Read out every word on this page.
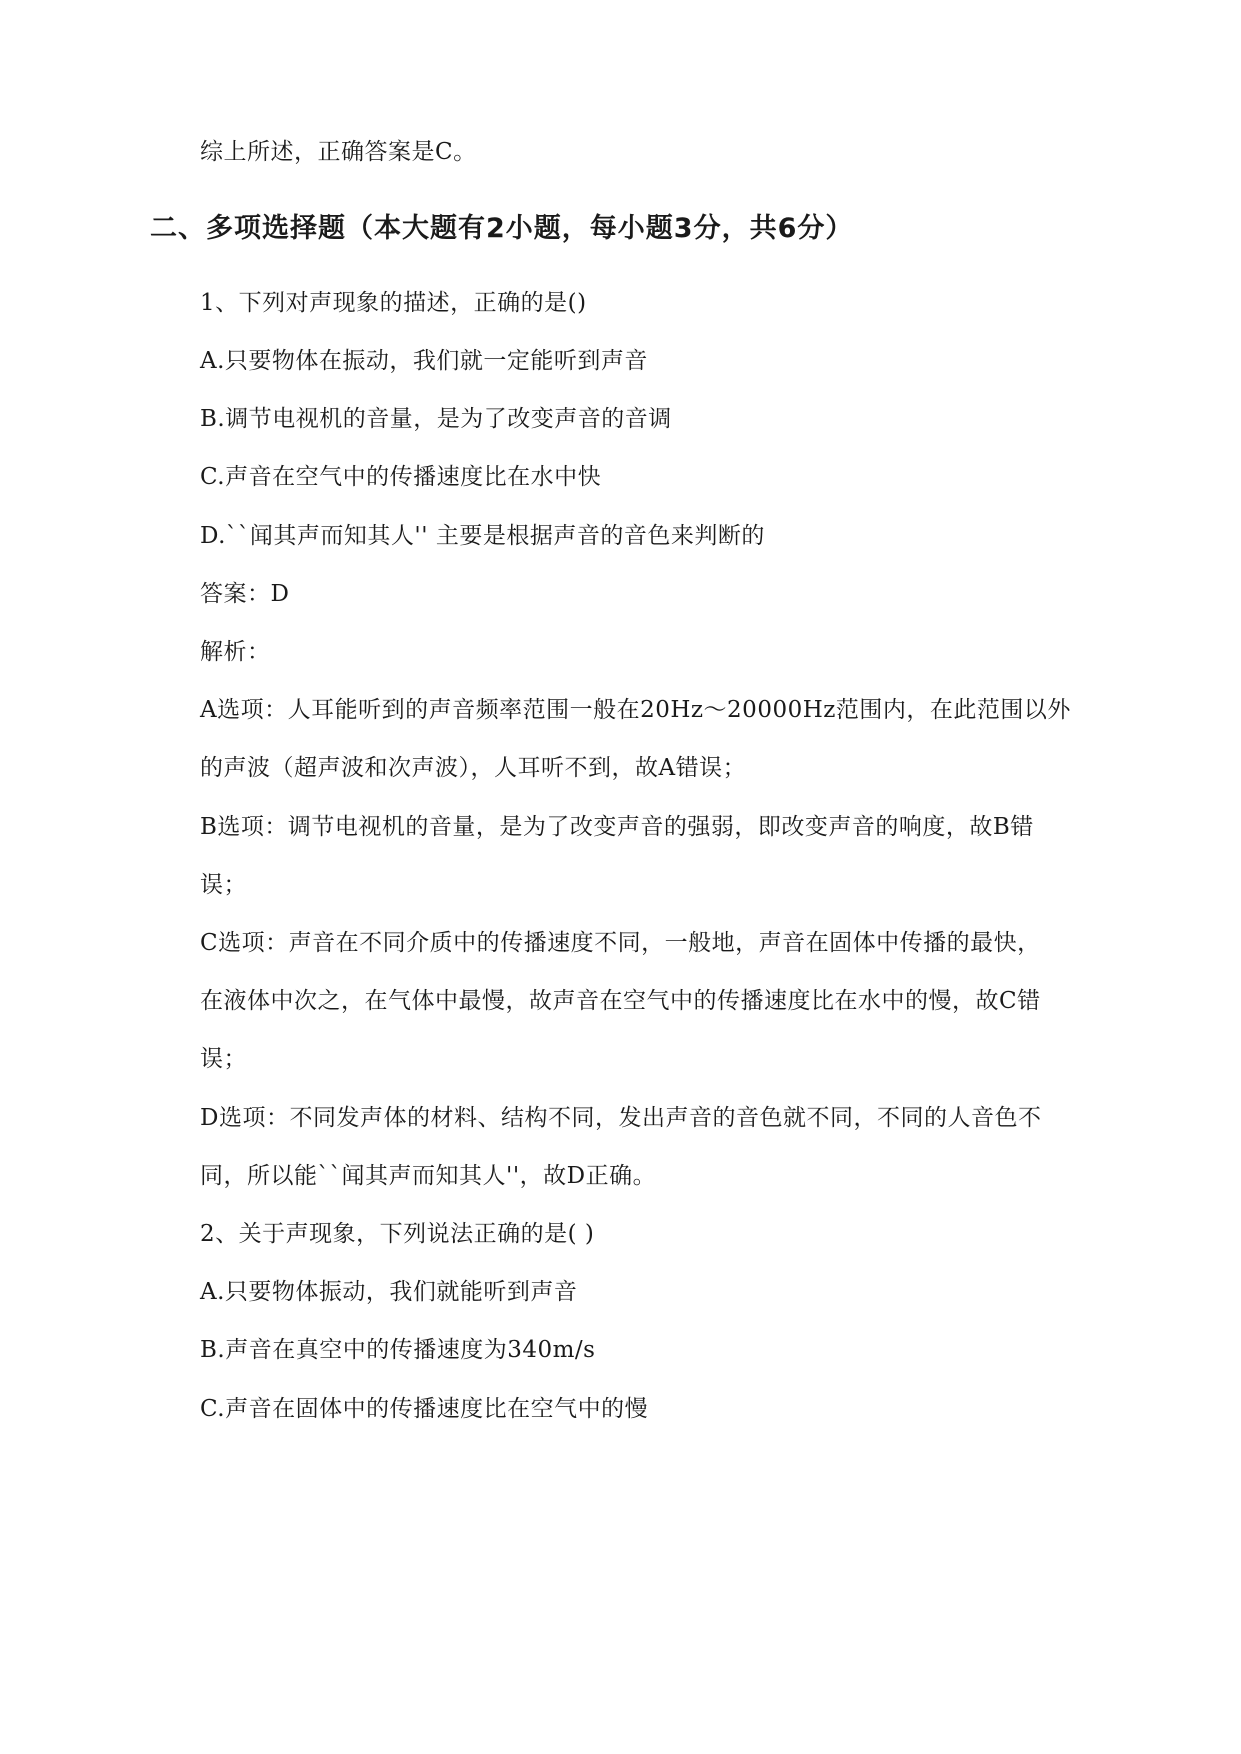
综上所述，正确答案是C。
二、多项选择题（本大题有2小题，每小题3分，共6分）
1、下列对声现象的描述，正确的是()
A.只要物体在振动，我们就一定能听到声音
B.调节电视机的音量，是为了改变声音的音调
C.声音在空气中的传播速度比在水中快
D.``闻其声而知其人'' 主要是根据声音的音色来判断的
答案：D
解析：
A选项：人耳能听到的声音频率范围一般在20Hz～20000Hz范围内，在此范围以外
的声波（超声波和次声波），人耳听不到，故A错误；
B选项：调节电视机的音量，是为了改变声音的强弱，即改变声音的响度，故B错
误；
C选项：声音在不同介质中的传播速度不同，一般地，声音在固体中传播的最快，
在液体中次之，在气体中最慢，故声音在空气中的传播速度比在水中的慢，故C错
误；
D选项：不同发声体的材料、结构不同，发出声音的音色就不同，不同的人音色不
同，所以能``闻其声而知其人''，故D正确。
2、关于声现象，下列说法正确的是( )
A.只要物体振动，我们就能听到声音
B.声音在真空中的传播速度为340m/s
C.声音在固体中的传播速度比在空气中的慢
